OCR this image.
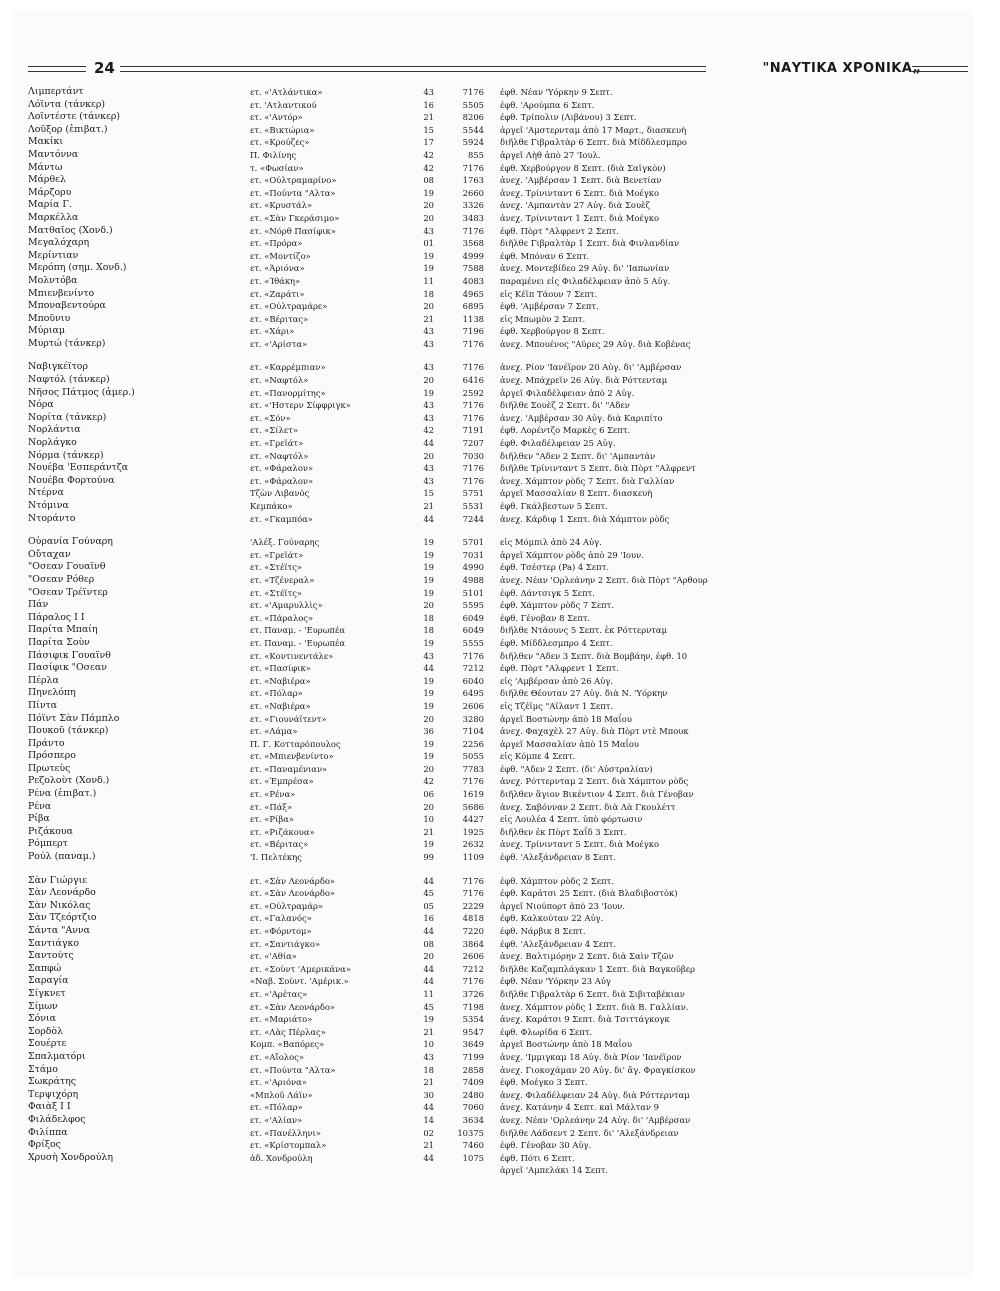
24	"ΝΑΥΤΙΚΑ ΧΡΟΝΙΚΑ„
Λιμπερτάντ	ετ. «'Ατλάντικα»	43	7176 έφθ. Νέαν 'Υόρκην 9 Σεπτ.
Λόϊντα (τάνκερ)	ετ. 'Ατλαντικού	16	5505 έφθ. 'Αρούμπα 6 Σεπτ.
Λοϊντέστε (τάνκερ)	ετ. «'Αντόρ»	21	8206 έφθ. Τρίπολιν (Λιβάνου) 3 Σεπτ.
Λοῦξορ (ἐπιβατ.)	ετ. «Βικτώρια»	15	5544 ἀργεῖ 'Αμστερνταμ ἀπὸ 17 Μαρτ., διασκευὴ
Μακίκι	ετ. «Κρούζες»	17	5924 διῆλθε Γιβραλτὰρ 6 Σεπτ. διὰ Μίδδλεσμπρο
Μαντόννα	Π. Φιλίνης	42	855 ἀργεῖ Λὴθ ἀπὸ 27 'Ιουλ.
Μάντω	τ. «Φωσίαν»	42	7176 έφθ. Χερβούργον 8 Σεπτ. (διὰ Σαϊγκὸν)
Μάρθελ	ετ. «Ούλτραμαρίνο»	08	1763 ἀνεχ. 'Αμβέρσαν 1 Σεπτ. διὰ Βενετίαν
Μάρζορυ	ετ. «Πούντα "Αλτα»	19	2660 ἀνεχ. Τρίνινταντ 6 Σεπτ. διὰ Μοέγκο
Μαρία Γ.	ετ. «Κρυστάλ»	20	3326 ἀνεχ. 'Αμπαντὰν 27 Αὐγ. διὰ Σουὲζ
Μαρκέλλα	ετ. «Σὰν Γκεράσιμο»	20	3483 ἀνεχ. Τρίνινταντ 1 Σεπτ. διὰ Μοέγκο
Ματθαῖος (Χονδ.)	ετ. «Νόρθ Πασίφικ»	43	7176 έφθ. Πὸρτ "Αλφρεντ 2 Σεπτ.
Μεγαλόχαρη	ετ. «Πρόρα»	01	3568 διῆλθε Γιβραλτὰρ 1 Σεπτ. διὰ Φινλανδίαν
Μερίντιαν	ετ. «Μοντίζο»	19	4999 έφθ. Μπόναν 6 Σεπτ.
Μερόπη (σημ. Χονδ.)	ετ. «Άριόνα»	19	7588 ἀνεχ. Μοντεβίδεο 29 Αὐγ. δι' 'Ιαπωνίαν
Μολντόβα	ετ. «Ίθάκη»	11	4083 παραμένει εἰς Φιλαδέλφειαν ἀπὸ 5 Αὐγ.
Μπιενβενίντο	ετ. «Ζαράτι»	18	4965 εἰς Κέϊπ Τάουν 7 Σεπτ.
Μποναβεντούρα	ετ. «Ούλτραμάρε»	20	6895 έφθ. 'Αμβέρσαν 7 Σεπτ.
Μποῦνιυ	ετ. «Βέριτας»	21	1138 εἰς Μπωμὸν 2 Σεπτ.
Μύριαμ	ετ. «Χάρι»	43	7196 έφθ. Χερβούργον 8 Σεπτ.
Μυρτώ (τάνκερ)	ετ. «'Αρίστα»	43	7176 ἀνεχ. Μπουένος "Αϋρες 29 Αὐγ. διὰ Κοβένας
Ναβιγκέϊτορ	ετ. «Καρρέμπιαν»	43	7176 ἀνεχ. Ρίον 'Ιανέϊρον 20 Αὐγ. δι' 'Αμβέρσαν
Ναφτόλ (τάνκερ)	ετ. «Ναφτόλ»	20	6416 ἀνεχ. Μπάχρεϊν 26 Αὐγ. διὰ Ρόττενταμ
Νῆσος Πάτμος (ἀμερ.)	ετ. «Πανορμίτης»	19	2592 ἀργεῖ Φιλαδέλφειαν ἀπὸ 2 Αὐγ.
Νόρα	ετ. «'Ηστερν Σίφφριγκ»	43	7176 διῆλθε Σουὲζ 2 Σεπτ. δι' "Αδεν
Νορίτα (τάνκερ)	ετ. «Σόν»	43	7176 ἀνεχ. 'Αμβέρσαν 30 Αὐγ. διὰ Καριπίτο
Νορλάντια	ετ. «Σίλετ»	42	7191 έφθ. Λορέντζο Μαρκὲς 6 Σεπτ.
Νορλάγκο	ετ. «Γρεϊάτ»	44	7207 έφθ. Φιλαδέλφειαν 25 Αὐγ.
Νόρμα (τάνκερ)	ετ. «Ναφτόλ»	20	7030 διῆλθεν "Αδεν 2 Σεπτ. δι' 'Αμπαντὰν
Νουέβα 'Εσπεράντζα	ετ. «Φάραλον»	43	7176 διῆλθε Τρίνινταντ 5 Σεπτ. διὰ Πὸρτ "Αλφρεντ
Νουέβα Φορτούνα	ετ. «Φάραλον»	43	7176 ἀνεχ. Χάμπτον ρὸδς 7 Σεπτ. διὰ Γαλλίαν
Ντέρνα	Τζὼν Λιβανὸς	15	5751 ἀργεῖ Μασσαλίαν 8 Σεπτ. διασκευὴ
Ντόμινα	Κεμπάκο»	21	5531 έφθ. Γκάλβεστων 5 Σεπτ.
Ντοράντο	ετ. «Γκαμπόα»	44	7244 ἀνεχ. Κάρδιφ 1 Σεπτ. διὰ Χάμπτον ρὸδς
Οὐρανία Γούναρη	'Αλέξ. Γούναρης	19	5701 εἰς Μόμπιλ ἀπὸ 24 Αὐγ.
Οὔταχαν	ετ. «Γρεϊάτ»	19	7031 ἀργεῖ Χάμπτον ρὸδς ἀπὸ 29 'Ιουν.
"Οσεαν Γουαϊνθ	ετ. «Στέϊτς»	19	4990 έφθ. Τσέστερ (Pa) 4 Σεπτ.
"Οσεαν Ρόθερ	ετ. «Τζένεραλ»	19	4988 ἀνεχ. Νέαν 'Ορλεάνην 2 Σεπτ. διὰ Πὸρτ "Αρθουρ
"Οσεαν Τρέϊντερ	ετ. «Στέϊτς»	19	5101 έφθ. Δάντσιγκ 5 Σεπτ.
Πάν	ετ. «'Αμαρυλλὶς»	20	5595 έφθ. Χάμπτον ρὸδς 7 Σεπτ.
Πάραλος Ι Ι	ετ. «Πάραλος»	18	6049 έφθ. Γένοβαν 8 Σεπτ.
Παρίτα Μπαίη	ετ. Παναμ. - 'Ευρωπέα	18	6049 διῆλθε Ντάουνς 5 Σεπτ. ἐκ Ρόττερνταμ
Παρίτα Σοὺν	ετ. Παναμ. - 'Ευρωπέα	19	5555 έφθ. Μίδδλεσμπρο 4 Σεπτ.
Πάσιφικ Γουαϊνθ	ετ. «Κοντινεντάλε»	43	7176 διῆλθεν "Αδεν 3 Σεπτ. διὰ Βομβάην, ἐφθ. 10
Πασίφικ "Οσεαν	ετ. «Πασίφικ»	44	7212 έφθ. Πὸρτ "Αλφρεντ 1 Σεπτ.
Πέρλα	ετ. «Ναβιέρα»	19	6040 εἰς 'Αμβέρσαν ἀπὸ 26 Αὐγ.
Πηνελόπη	ετ. «Πόλαρ»	19	6495 διῆλθε Θέουταν 27 Αὐγ. διὰ Ν. 'Υόρκην
Πίντα	ετ. «Ναβιέρα»	19	2606 εἰς Τζέϊμς "Αϊλαντ 1 Σεπτ.
Πόϊντ Σὰν Πάμπλο	ετ. «Γιουνάϊτεντ»	20	3280 ἀργεῖ Βοστώνην ἀπὸ 18 Μαΐου
Πουκοῦ (τάνκερ)	ετ. «Λάμα»	36	7104 ἀνεχ. Φαχαχὲλ 27 Αὐγ. διὰ Πὸρτ ντὲ Μπουκ
Πράντο	Π. Γ. Κοτταρόπουλος	19	2256 ἀργεῖ Μασσαλίαν ἀπὸ 15 Μαΐου
Πρόσπερο	ετ. «Μπιενβενίντο»	19	5055 εἰς Κόμπε 4 Σεπτ.
Πρωτεὺς	ετ. «Παναμένιαν»	20	7783 έφθ. "Αδεν 2 Σεπτ. (δι' Αὐστραλίαν)
Ρεζολοὺτ (Χονδ.)	ετ. «Έμπρέσα»	42	7176 ἀνεχ. Ρόττερνταμ 2 Σεπτ. διὰ Χάμπτον ρὸδς
Ρένα (ἐπιβατ.)	ετ. «Ρένα»	06	1619 διῆλθεν ἅγιον Βικέντιον 4 Σεπτ. διὰ Γένοβαν
Ρένα	ετ. «Πάξ»	20	5686 ἀνεχ. Σαβόνναν 2 Σεπτ. διὰ Λὰ Γκουλέττ
Ρίβα	ετ. «Ρίβα»	10	4427 εἰς Λουλέα 4 Σεπτ. ὑπὸ φόρτωσιν
Ριζάκουα	ετ. «Ριζάκουα»	21	1925 διῆλθεν ἐκ Πὸρτ Σαΐδ 3 Σεπτ.
Ρόμπερτ	ετ. «Βέριτας»	19	2632 ἀνεχ. Τρίνινταντ 5 Σεπτ. διὰ Μοέγκο
Ρούλ (παναμ.)	'Ι. Πελτέκης	99	1109 έφθ. 'Αλεξάνδρειαν 8 Σεπτ.
Σὰν Γιώργιε	ετ. «Σὰν Λεονάρδο»	44	7176 έφθ. Χάμπτον ρὸδς 2 Σεπτ.
Σὰν Λεονάρδο	ετ. «Σὰν Λεονάρδο»	45	7176 έφθ. Καράτσι 25 Σεπτ. (διὰ Βλαδιβοστὸκ)
Σὰν Νικόλας	ετ. «Ούλτραμάρ»	05	2229 ἀργεῖ Νιούπορτ ἀπὸ 23 'Ιουν.
Σὰν Τζεόρτζιο	ετ. «Γαλανός»	16	4818 έφθ. Καλκούταν 22 Αὐγ.
Σάντα "Αννα	ετ. «Φόρντομ»	44	7220 έφθ. Νάρβικ 8 Σεπτ.
Σαντιάγκο	ετ. «Σαντιάγκο»	08	3864 έφθ. 'Αλεξάνδρειαν 4 Σεπτ.
Σαντούτς	ετ. «'Αθία»	20	2606 ἀνεχ. Βαλτιμόρην 2 Σεπτ. διὰ Σαὶν Τζῶν
Σαπφώ	ετ. «Σοὺντ 'Αμερικάνα»	44	7212 διῆλθε Καζαμπλάγκαν 1 Σεπτ. διὰ Βαγκοῦβερ
Σαραγία	«Ναβ. Σοὺντ. 'Αμέρικ.»	44	7176 έφθ. Νέαν 'Υόρκην 23 Αὐγ
Σίγκνετ	ετ. «'Αρέτας»	11	3726 διῆλθε Γιβραλτὰρ 6 Σεπτ. διὰ Σιβιταβέκιαν
Σίμων	ετ. «Σὰν Λεονάρδο»	45	7198 ἀνεχ. Χάμπτον ρὸδς 1 Σεπτ. διὰ Β. Γαλλίαν.
Σόνια	ετ. «Μαριάτο»	19	5354 ἀνεχ. Καράτσι 9 Σεπτ. διὰ Τσιττάγκογκ
Σορδὸλ	ετ. «Λὰς Πέρλας»	21	9547 έφθ. Φλωρίδα 6 Σεπτ.
Σουέρτε	Κομπ. «Βαπόρες»	10	3649 ἀργεῖ Βοστώνην ἀπὸ 18 Μαΐου
Σπαλματόρι	ετ. «Αἴολος»	43	7199 ἀνεχ. 'Ιμμιγκαμ 18 Αὐγ. διὰ Ρίον 'Ιανέϊρον
Στάμο	ετ. «Πούντα "Αλτα»	18	2858 ἀνεχ. Γιοκοχάμαν 20 Αὐγ. δι' ἅγ. Φραγκίσκον
Σωκράτης	ετ. «'Αριόνα»	21	7409 έφθ. Μοέγκο 3 Σεπτ.
Τερψιχόρη	«Μπλοῦ Λάϊν»	30	2480 ἀνεχ. Φιλαδέλφειαν 24 Αὐγ. διὰ Ρόττερνταμ
Φαιὰξ Ι Ι	ετ. «Πόλαρ»	44	7060 ἀνεχ. Κατάνην 4 Σεπτ. καὶ Μάλταν 9
Φιλάδελφος	ετ. «'Αλίαν»	14	3634 ἀνεχ. Νέαν 'Ορλεάνην 24 Αὐγ. δι' 'Αμβέρσαν
Φιλίππα	ετ. «Πανέλληνι»	02	10375 διῆλθε Λάδσεντ 2 Σεπτ. δι' 'Αλεξάνδρειαν
Φρίξος	ετ. «Κρίστομπαλ»	21	7460 έφθ. Γένοβαν 30 Αὐγ.
Χρυσὴ Χονδρούλη	ἀδ. Χονδρούλη	44	1075 έφθ. Πότι 6 Σεπτ.
ἀργεῖ 'Αμπελάκι 14 Σεπτ.
